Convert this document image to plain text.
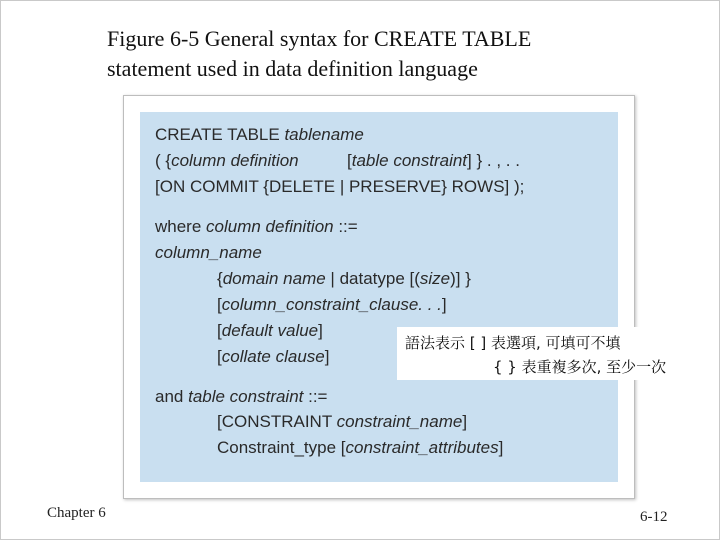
Figure 6-5 General syntax for CREATE TABLE
statement used in data definition language
CREATE TABLE tablename
( {column definition	[table constraint] } . , . .
[ON COMMIT {DELETE | PRESERVE} ROWS] );
where column definition ::=
column_name
{domain name | datatype [(size)] }
[column_constraint_clause. . .]
[default value]
[collate clause]
and table constraint ::=
[CONSTRAINT constraint_name]
Constraint_type [constraint_attributes]
語法表示 [ ] 表選項, 可填可不填
{ } 表重複多次, 至少一次
Chapter 6	6-12
